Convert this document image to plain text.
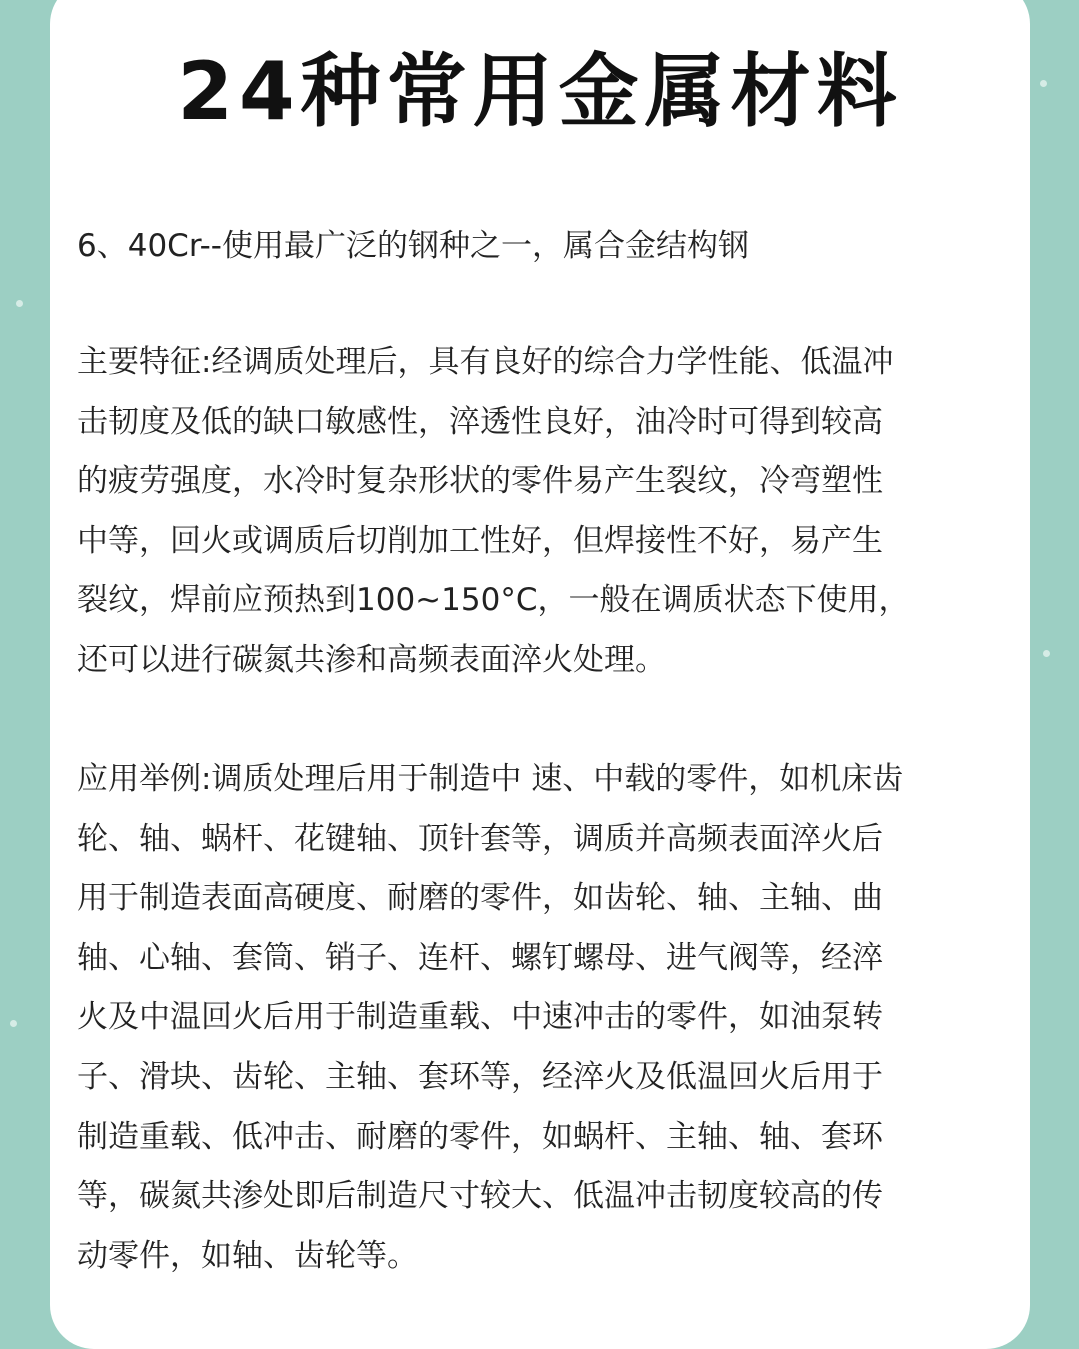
24种常用金属材料

6、40Cr--使用最广泛的钢种之一，属合金结构钢

主要特征:经调质处理后，具有良好的综合力学性能、低温冲
击韧度及低的缺口敏感性，淬透性良好，油冷时可得到较高
的疲劳强度，水冷时复杂形状的零件易产生裂纹，冷弯塑性
中等，回火或调质后切削加工性好，但焊接性不好，易产生
裂纹，焊前应预热到100~150°C，一般在调质状态下使用，
还可以进行碳氮共渗和高频表面淬火处理。

应用举例:调质处理后用于制造中 速、中载的零件，如机床齿
轮、轴、蜗杆、花键轴、顶针套等，调质并高频表面淬火后
用于制造表面高硬度、耐磨的零件，如齿轮、轴、主轴、曲
轴、心轴、套筒、销子、连杆、螺钉螺母、进气阀等，经淬
火及中温回火后用于制造重载、中速冲击的零件，如油泵转
子、滑块、齿轮、主轴、套环等，经淬火及低温回火后用于
制造重载、低冲击、耐磨的零件，如蜗杆、主轴、轴、套环
等，碳氮共渗处即后制造尺寸较大、低温冲击韧度较高的传
动零件，如轴、齿轮等。
